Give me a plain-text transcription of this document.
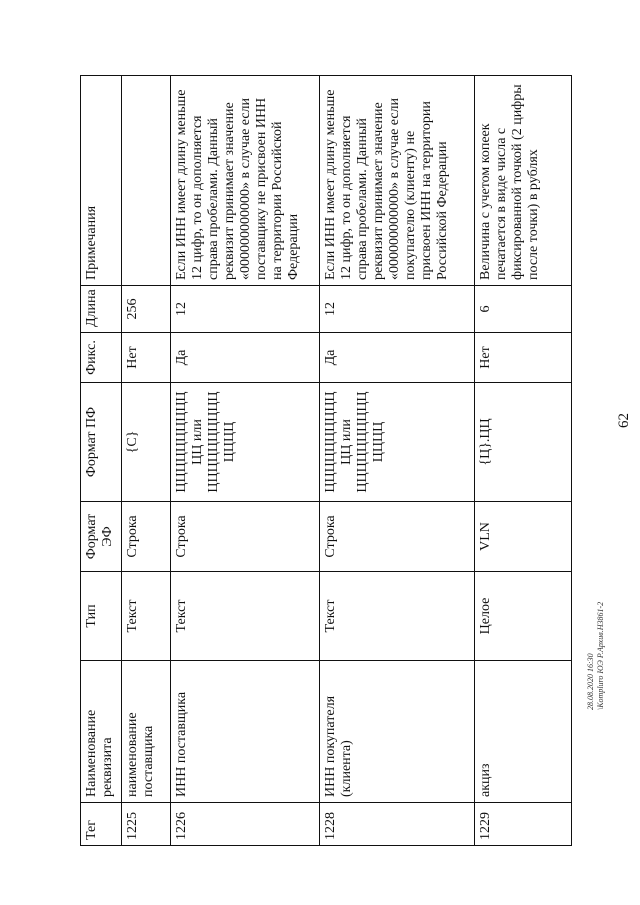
62
28.08.2020 16:30 \Kompluro ЮЭ Р.Архив.НЗ861-2
Тег	Наименование реквизита	Тип	Формат ЭФ	Формат ПФ	Фикс.	Длина	Примечания
1225	наименование поставщика	Текст	Строка	{С}	Нет	256	
1226	ИНН поставщика	Текст	Строка	ЦЦЦЦЦЦЦЦЦЦ ЦЦ или ЦЦЦЦЦЦЦЦЦЦ ЦЦЦЦ	Да	12	Если ИНН имеет длину меньше 12 цифр, то он дополняется справа пробелами. Данный реквизит принимает значение «000000000000» в случае если поставщику не присвоен ИНН на территории Российской Федерации
1228	ИНН покупателя (клиента)	Текст	Строка	ЦЦЦЦЦЦЦЦЦЦ ЦЦ или ЦЦЦЦЦЦЦЦЦЦ ЦЦЦЦ	Да	12	Если ИНН имеет длину меньше 12 цифр, то он дополняется справа пробелами. Данный реквизит принимает значение «000000000000» в случае если покупателю (клиенту) не присвоен ИНН на территории Российской Федерации
1229	акциз	Целое	VLN	{Ц}.ЦЦ	Нет	6	Величина с учетом копеек печатается в виде числа с фиксированной точкой (2 цифры после точки) в рублях
